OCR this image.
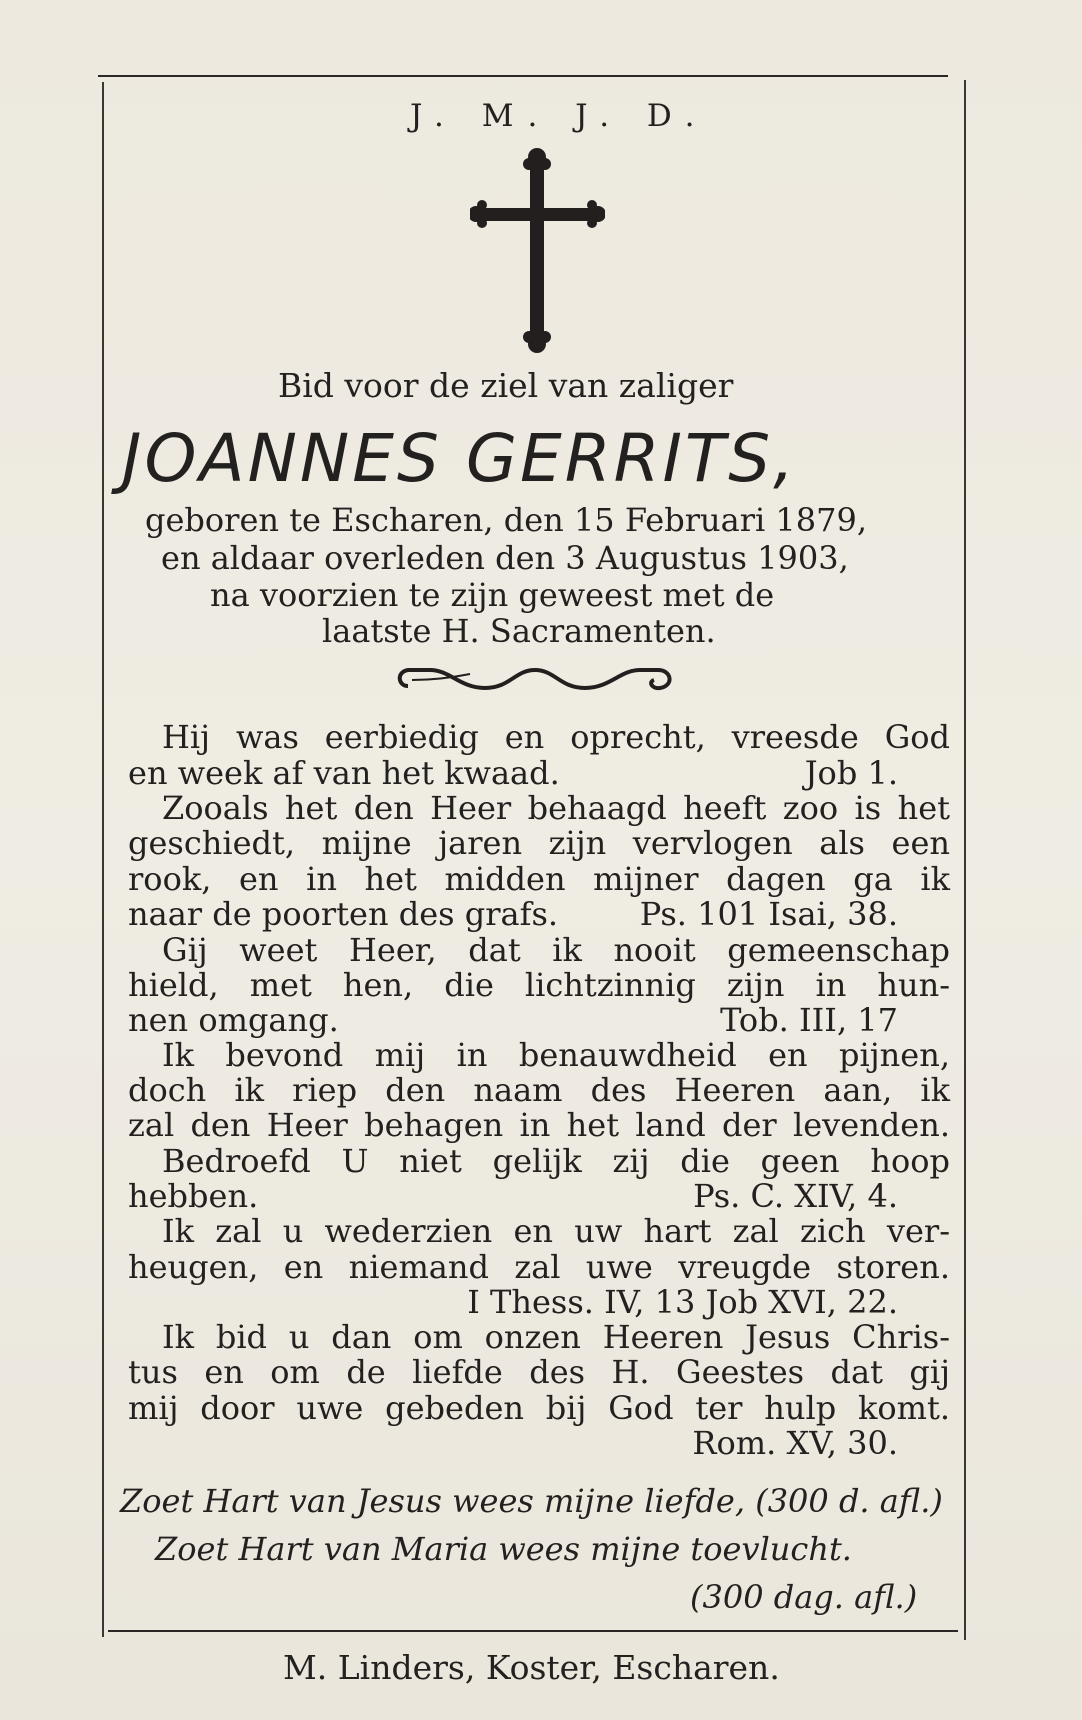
J. M. J. D.
Bid voor de ziel van zaliger
JOANNES GERRITS,
geboren te Escharen, den 15 Februari 1879,
en aldaar overleden den 3 Augustus 1903,
na voorzien te zijn geweest met de
laatste H. Sacramenten.
Hij was eerbiedig en oprecht, vreesde God
en week af van het kwaad.	Job 1.
Zooals het den Heer behaagd heeft zoo is het
geschiedt, mijne jaren zijn vervlogen als een
rook, en in het midden mijner dagen ga ik
naar de poorten des grafs.	Ps. 101 Isai, 38.
Gij weet Heer, dat ik nooit gemeenschap
hield, met hen, die lichtzinnig zijn in hun-
nen omgang.	Tob. III, 17
Ik bevond mij in benauwdheid en pijnen,
doch ik riep den naam des Heeren aan, ik
zal den Heer behagen in het land der levenden.
Bedroefd U niet gelijk zij die geen hoop
hebben.	Ps. C. XIV, 4.
Ik zal u wederzien en uw hart zal zich ver-
heugen, en niemand zal uwe vreugde storen.
I Thess. IV, 13 Job XVI, 22.
Ik bid u dan om onzen Heeren Jesus Chris-
tus en om de liefde des H. Geestes dat gij
mij door uwe gebeden bij God ter hulp komt.
Rom. XV, 30.
Zoet Hart van Jesus wees mijne liefde, (300 d. afl.)
Zoet Hart van Maria wees mijne toevlucht.
(300 dag. afl.)
M. Linders, Koster, Escharen.
